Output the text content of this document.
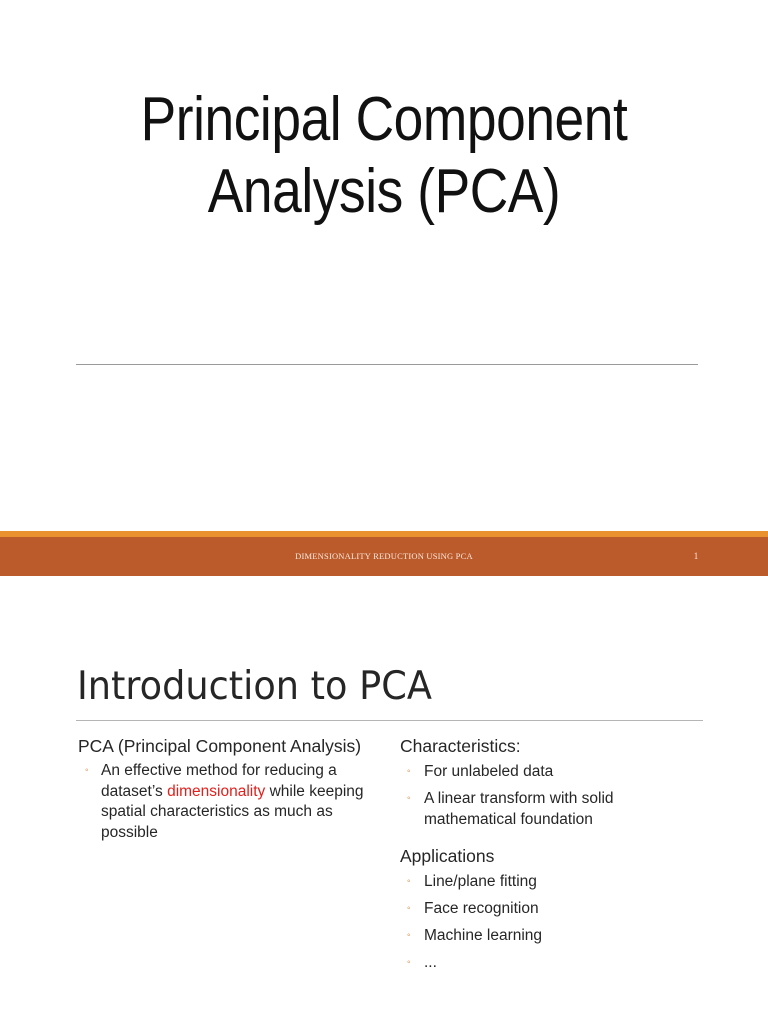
Principal Component
Analysis (PCA)
DIMENSIONALITY REDUCTION USING PCA	1
Introduction to PCA
PCA (Principal Component Analysis)
◦ An effective method for reducing a dataset’s dimensionality while keeping spatial characteristics as much as possible
Characteristics:
◦ For unlabeled data
◦ A linear transform with solid mathematical foundation
Applications
◦ Line/plane fitting
◦ Face recognition
◦ Machine learning
◦ ...
